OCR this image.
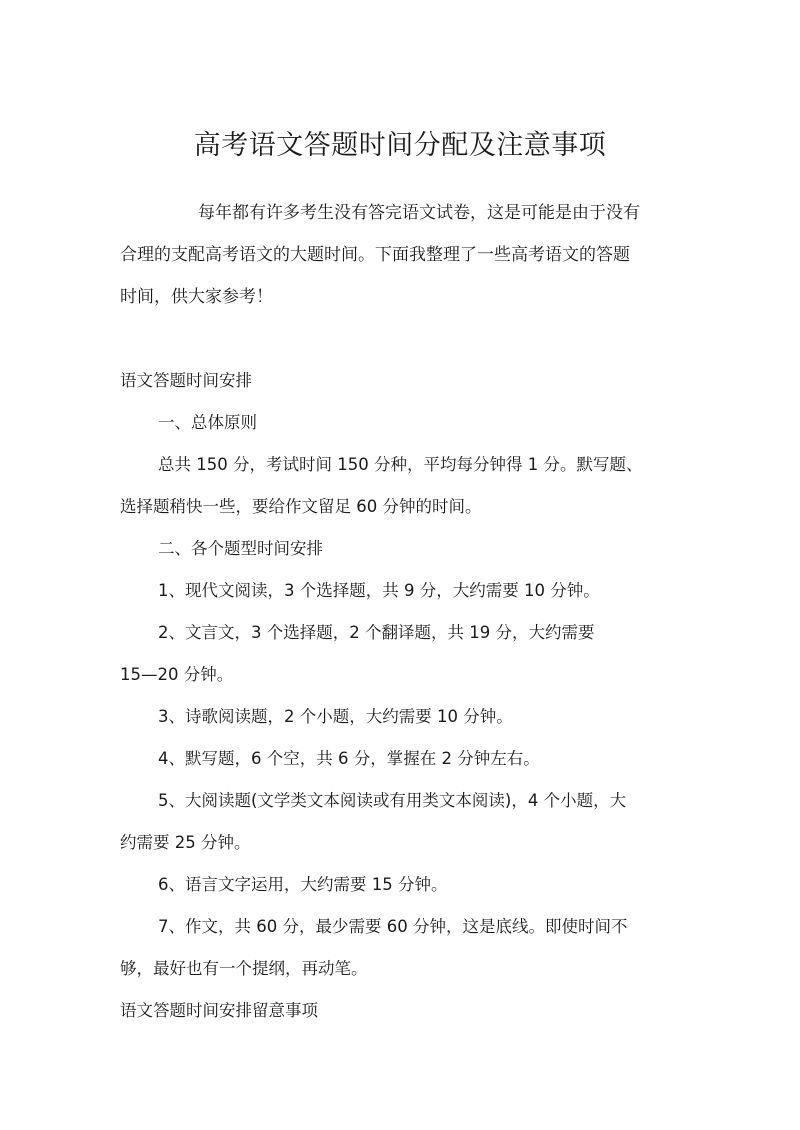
高考语文答题时间分配及注意事项

每年都有许多考生没有答完语文试卷，这是可能是由于没有

合理的支配高考语文的大题时间。下面我整理了一些高考语文的答题

时间，供大家参考！

语文答题时间安排

一、总体原则

总共 150 分，考试时间 150 分种，平均每分钟得 1 分。默写题、

选择题稍快一些，要给作文留足 60 分钟的时间。

二、各个题型时间安排

1、现代文阅读，3 个选择题，共 9 分，大约需要 10 分钟。

2、文言文，3 个选择题，2 个翻译题，共 19 分，大约需要

15—20 分钟。

3、诗歌阅读题，2 个小题，大约需要 10 分钟。

4、默写题，6 个空，共 6 分，掌握在 2 分钟左右。

5、大阅读题(文学类文本阅读或有用类文本阅读)，4 个小题，大

约需要 25 分钟。

6、语言文字运用，大约需要 15 分钟。

7、作文，共 60 分，最少需要 60 分钟，这是底线。即使时间不

够，最好也有一个提纲，再动笔。

语文答题时间安排留意事项
